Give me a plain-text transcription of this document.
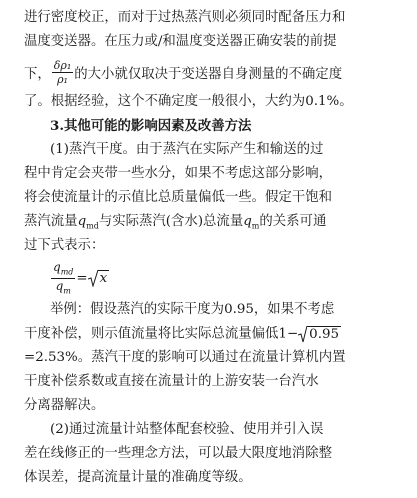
进行密度校正，而对于过热蒸汽则必须同时配备压力和
温度变送器。在压力或/和温度变送器正确安装的前提
下， $\frac{\text{δρ₁}}{\text{ρ₁}}$ 的大小就仅取决于变送器自身测量的不确定度
了。根据经验，这个不确定度一般很小，大约为0.1%。
3.其他可能的影响因素及改善方法
(1)蒸汽干度。由于蒸汽在实际产生和输送的过
程中肯定会夹带一些水分，如果不考虑这部分影响，
将会使流量计的示值比总质量偏低一些。假定干饱和
蒸汽流量$q_{md}$与实际蒸汽(含水)总流量$q_m$的关系可通
过下式表示：
$\frac{q_{md}}{q_m} = x$
举例：假设蒸汽的实际干度为0.95，如果不考虑
干度补偿，则示值流量将比实际总流量偏低1− 0.95
=2.53%。蒸汽干度的影响可以通过在流量计算机内置
干度补偿系数或直接在流量计的上游安装一台汽水
分离器解决。
(2)通过流量计站整体配套校验、使用并引入误
差在线修正的一些理念方法，可以最大限度地消除整
体误差，提高流量计量的准确度等级。
